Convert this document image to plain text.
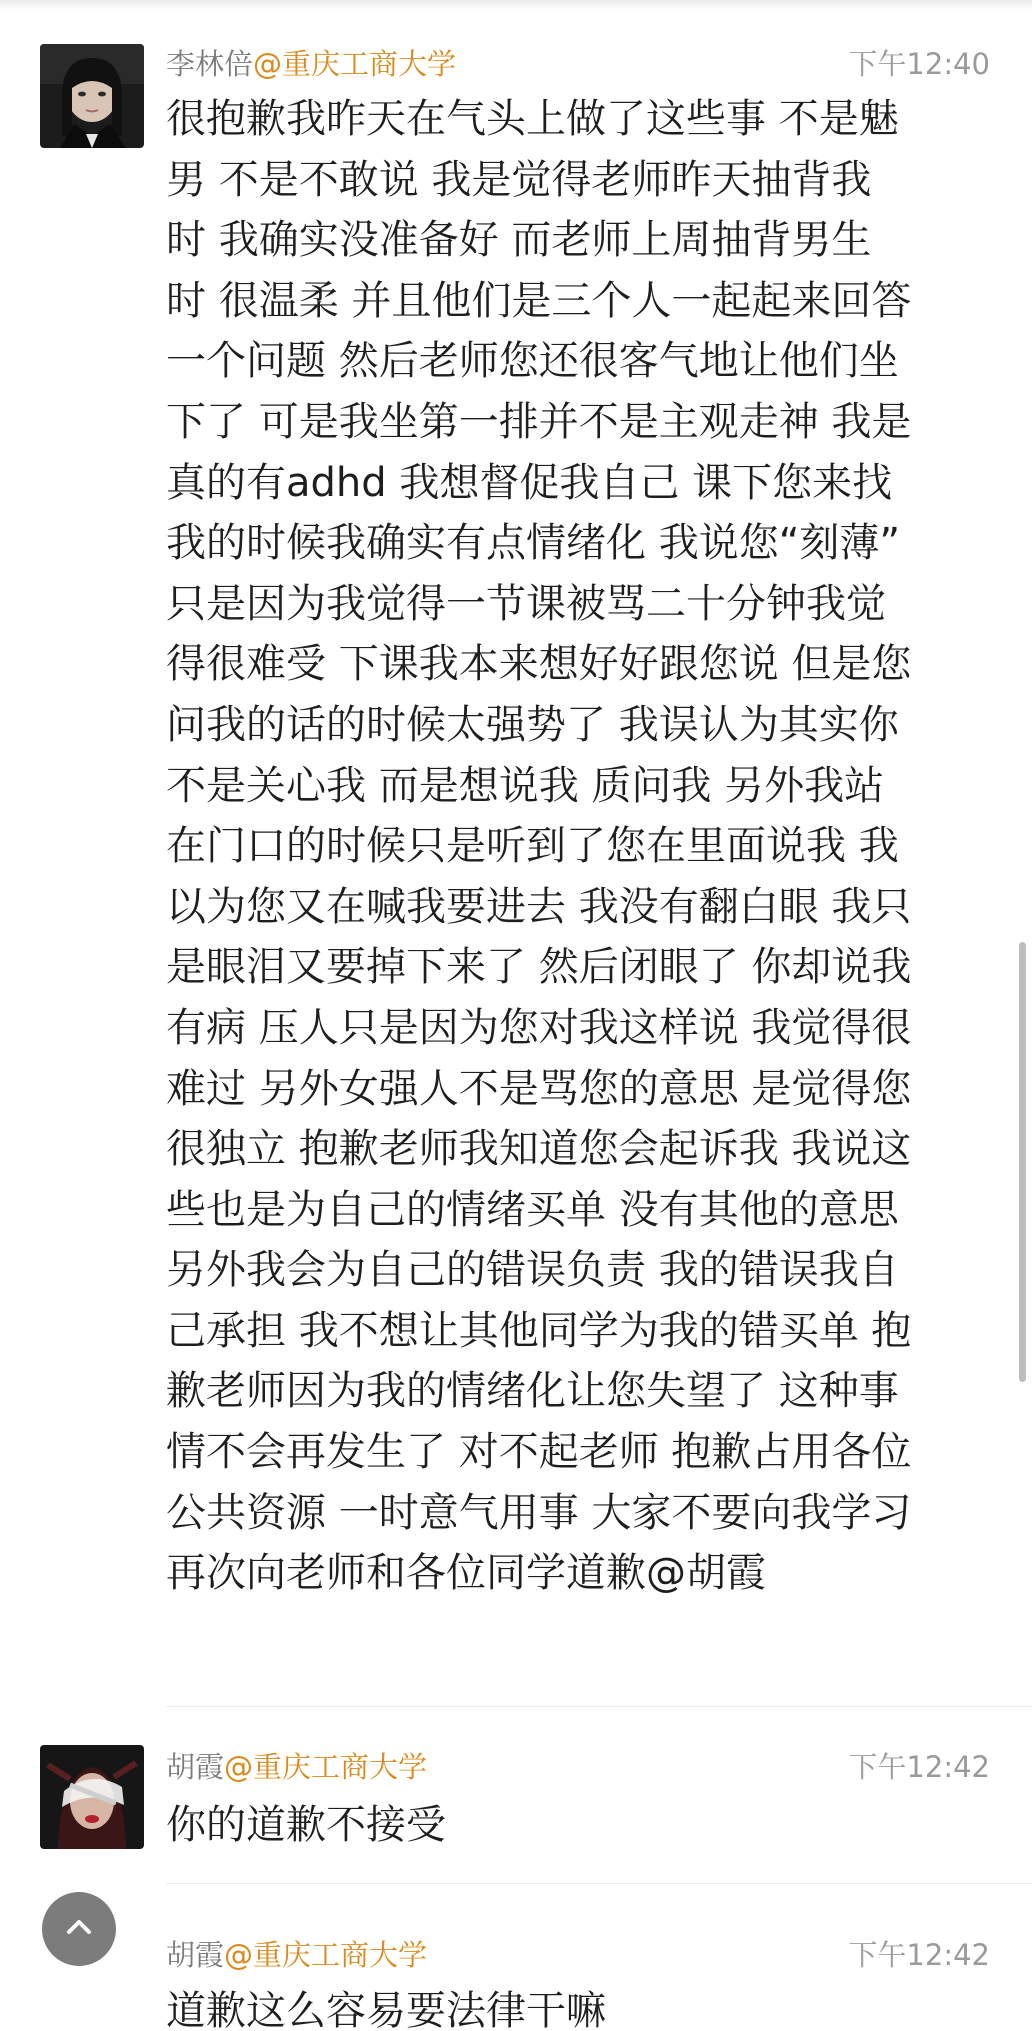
李林倍@重庆工商大学	下午12:40
很抱歉我昨天在气头上做了这些事 不是魅
男 不是不敢说 我是觉得老师昨天抽背我
时 我确实没准备好 而老师上周抽背男生
时 很温柔 并且他们是三个人一起起来回答
一个问题 然后老师您还很客气地让他们坐
下了 可是我坐第一排并不是主观走神 我是
真的有adhd 我想督促我自己 课下您来找
我的时候我确实有点情绪化 我说您“刻薄”
只是因为我觉得一节课被骂二十分钟我觉
得很难受 下课我本来想好好跟您说 但是您
问我的话的时候太强势了 我误认为其实你
不是关心我 而是想说我 质问我 另外我站
在门口的时候只是听到了您在里面说我 我
以为您又在喊我要进去 我没有翻白眼 我只
是眼泪又要掉下来了 然后闭眼了 你却说我
有病 压人只是因为您对我这样说 我觉得很
难过 另外女强人不是骂您的意思 是觉得您
很独立 抱歉老师我知道您会起诉我 我说这
些也是为自己的情绪买单 没有其他的意思
另外我会为自己的错误负责 我的错误我自
己承担 我不想让其他同学为我的错买单 抱
歉老师因为我的情绪化让您失望了 这种事
情不会再发生了 对不起老师 抱歉占用各位
公共资源 一时意气用事 大家不要向我学习
再次向老师和各位同学道歉@胡霞
胡霞@重庆工商大学	下午12:42
你的道歉不接受
胡霞@重庆工商大学	下午12:42
道歉这么容易要法律干嘛
